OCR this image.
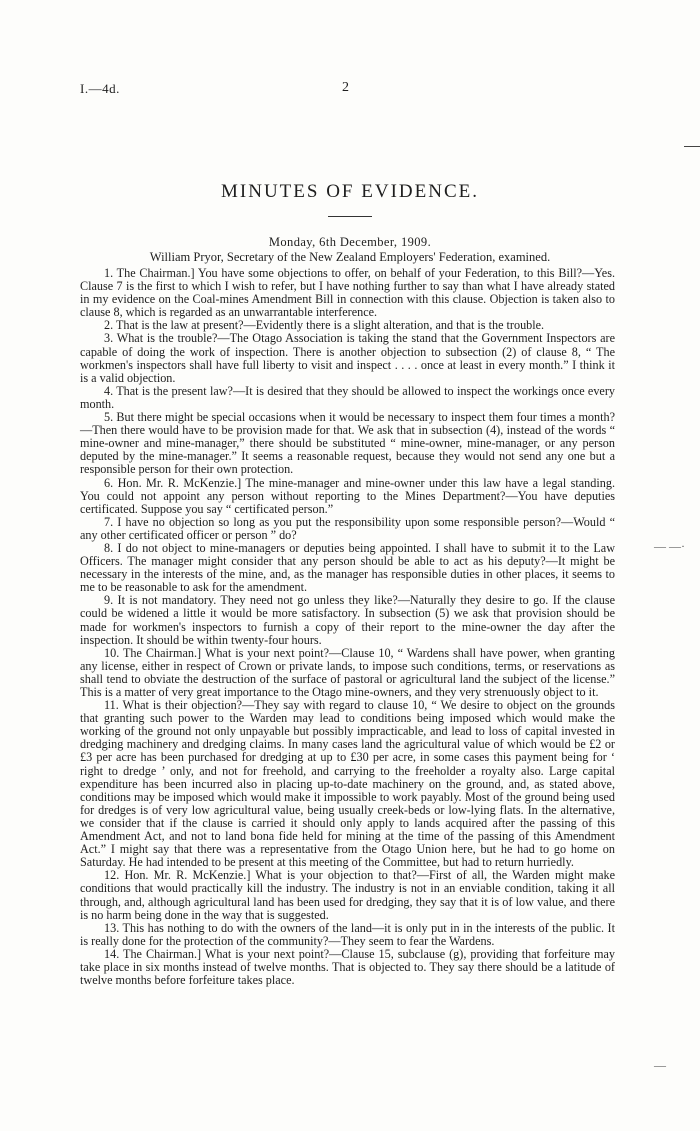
I.—4d.	2
MINUTES OF EVIDENCE.
Monday, 6th December, 1909.
William Pryor, Secretary of the New Zealand Employers' Federation, examined.

1. The Chairman.] You have some objections to offer, on behalf of your Federation, to this Bill?—Yes. Clause 7 is the first to which I wish to refer, but I have nothing further to say than what I have already stated in my evidence on the Coal-mines Amendment Bill in connection with this clause. Objection is taken also to clause 8, which is regarded as an unwarrantable interference.

2. That is the law at present?—Evidently there is a slight alteration, and that is the trouble.

3. What is the trouble?—The Otago Association is taking the stand that the Government Inspectors are capable of doing the work of inspection. There is another objection to subsection (2) of clause 8, “ The workmen's inspectors shall have full liberty to visit and inspect . . . . once at least in every month.” I think it is a valid objection.

4. That is the present law?—It is desired that they should be allowed to inspect the workings once every month.

5. But there might be special occasions when it would be necessary to inspect them four times a month?—Then there would have to be provision made for that. We ask that in subsection (4), instead of the words “ mine-owner and mine-manager,” there should be substituted “ mine-owner, mine-manager, or any person deputed by the mine-manager.” It seems a reasonable request, because they would not send any one but a responsible person for their own protection.

6. Hon. Mr. R. McKenzie.] The mine-manager and mine-owner under this law have a legal standing. You could not appoint any person without reporting to the Mines Department?—You have deputies certificated. Suppose you say “ certificated person.”

7. I have no objection so long as you put the responsibility upon some responsible person?—Would “ any other certificated officer or person ” do?

8. I do not object to mine-managers or deputies being appointed. I shall have to submit it to the Law Officers. The manager might consider that any person should be able to act as his deputy?—It might be necessary in the interests of the mine, and, as the manager has responsible duties in other places, it seems to me to be reasonable to ask for the amendment.

9. It is not mandatory. They need not go unless they like?—Naturally they desire to go. If the clause could be widened a little it would be more satisfactory. In subsection (5) we ask that provision should be made for workmen's inspectors to furnish a copy of their report to the mine-owner the day after the inspection. It should be within twenty-four hours.

10. The Chairman.] What is your next point?—Clause 10, “ Wardens shall have power, when granting any license, either in respect of Crown or private lands, to impose such conditions, terms, or reservations as shall tend to obviate the destruction of the surface of pastoral or agricultural land the subject of the license.” This is a matter of very great importance to the Otago mine-owners, and they very strenuously object to it.

11. What is their objection?—They say with regard to clause 10, “ We desire to object on the grounds that granting such power to the Warden may lead to conditions being imposed which would make the working of the ground not only unpayable but possibly impracticable, and lead to loss of capital invested in dredging machinery and dredging claims. In many cases land the agricultural value of which would be £2 or £3 per acre has been purchased for dredging at up to £30 per acre, in some cases this payment being for ‘ right to dredge ’ only, and not for freehold, and carrying to the freeholder a royalty also. Large capital expenditure has been incurred also in placing up-to-date machinery on the ground, and, as stated above, conditions may be imposed which would make it impossible to work payably. Most of the ground being used for dredges is of very low agricultural value, being usually creek-beds or low-lying flats. In the alternative, we consider that if the clause is carried it should only apply to lands acquired after the passing of this Amendment Act, and not to land bona fide held for mining at the time of the passing of this Amendment Act.” I might say that there was a representative from the Otago Union here, but he had to go home on Saturday. He had intended to be present at this meeting of the Committee, but had to return hurriedly.

12. Hon. Mr. R. McKenzie.] What is your objection to that?—First of all, the Warden might make conditions that would practically kill the industry. The industry is not in an enviable condition, taking it all through, and, although agricultural land has been used for dredging, they say that it is of low value, and there is no harm being done in the way that is suggested.

13. This has nothing to do with the owners of the land—it is only put in in the interests of the public. It is really done for the protection of the community?—They seem to fear the Wardens.

14. The Chairman.] What is your next point?—Clause 15, subclause (g), providing that forfeiture may take place in six months instead of twelve months. That is objected to. They say there should be a latitude of twelve months before forfeiture takes place.

— —·
—
